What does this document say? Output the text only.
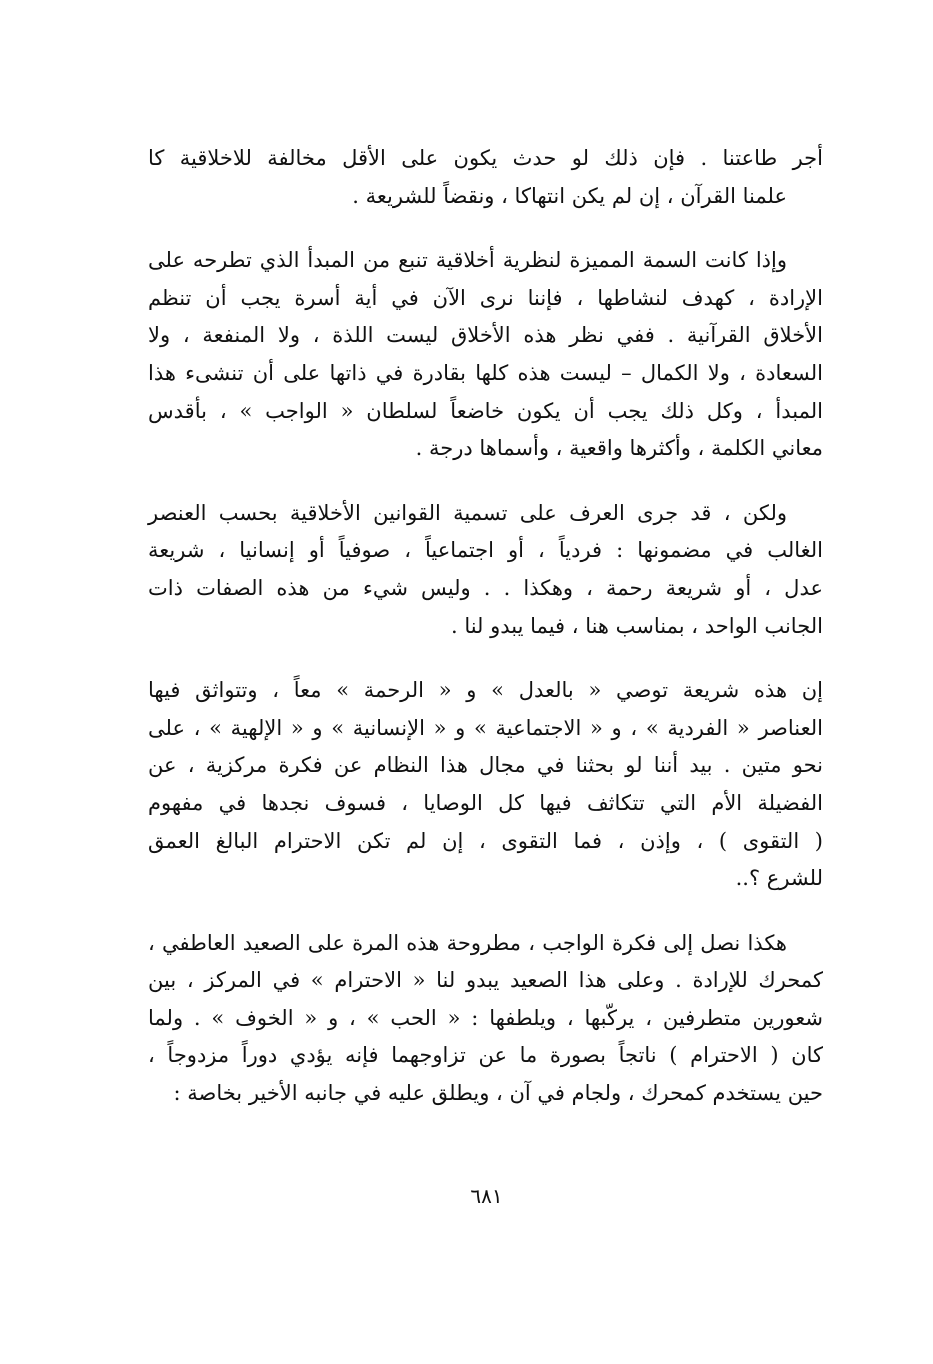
أجر طاعتنا . فإن ذلك لو حدث يكون على الأقل مخالفة للاخلاقية كا
علمنا القرآن ، إن لم يكن انتهاكا ، ونقضاً للشريعة .

وإذا كانت السمة المميزة لنظرية أخلاقية تنبع من المبدأ الذي تطرحه على
الإرادة ، كهدف لنشاطها ، فإننا نرى الآن في أية أسرة يجب أن تنظم
الأخلاق القرآنية . ففي نظر هذه الأخلاق ليست اللذة ، ولا المنفعة ، ولا
السعادة ، ولا الكمال – ليست هذه كلها بقادرة في ذاتها على أن تنشىء هذا
المبدأ ، وكل ذلك يجب أن يكون خاضعاً لسلطان « الواجب » ، بأقدس
معاني الكلمة ، وأكثرها واقعية ، وأسماها درجة .

ولكن ، قد جرى العرف على تسمية القوانين الأخلاقية بحسب العنصر
الغالب في مضمونها : فردياً ، أو اجتماعياً ، صوفياً أو إنسانيا ، شريعة
عدل ، أو شريعة رحمة ، وهكذا . . وليس شيء من هذه الصفات ذات
الجانب الواحد ، بمناسب هنا ، فيما يبدو لنا .

إن هذه شريعة توصي « بالعدل » و « الرحمة » معاً ، وتتواثق فيها
العناصر « الفردية » ، و « الاجتماعية » و « الإنسانية » و « الإلهية » ، على
نحو متين . بيد أننا لو بحثنا في مجال هذا النظام عن فكرة مركزية ، عن
الفضيلة الأم التي تتكاثف فيها كل الوصايا ، فسوف نجدها في مفهوم
( التقوى ) ، وإذن ، فما التقوى ، إن لم تكن الاحترام البالغ العمق
للشرع ؟..

هكذا نصل إلى فكرة الواجب ، مطروحة هذه المرة على الصعيد العاطفي ،
كمحرك للإرادة . وعلى هذا الصعيد يبدو لنا « الاحترام » في المركز ، بين
شعورين متطرفين ، يركّبها ، ويلطفها : « الحب » ، و « الخوف » . ولما
كان ( الاحترام ) ناتجاً بصورة ما عن تزاوجهما فإنه يؤدي دوراً مزدوجاً ،
حين يستخدم كمحرك ، ولجام في آن ، ويطلق عليه في جانبه الأخير بخاصة :

٦٨١
